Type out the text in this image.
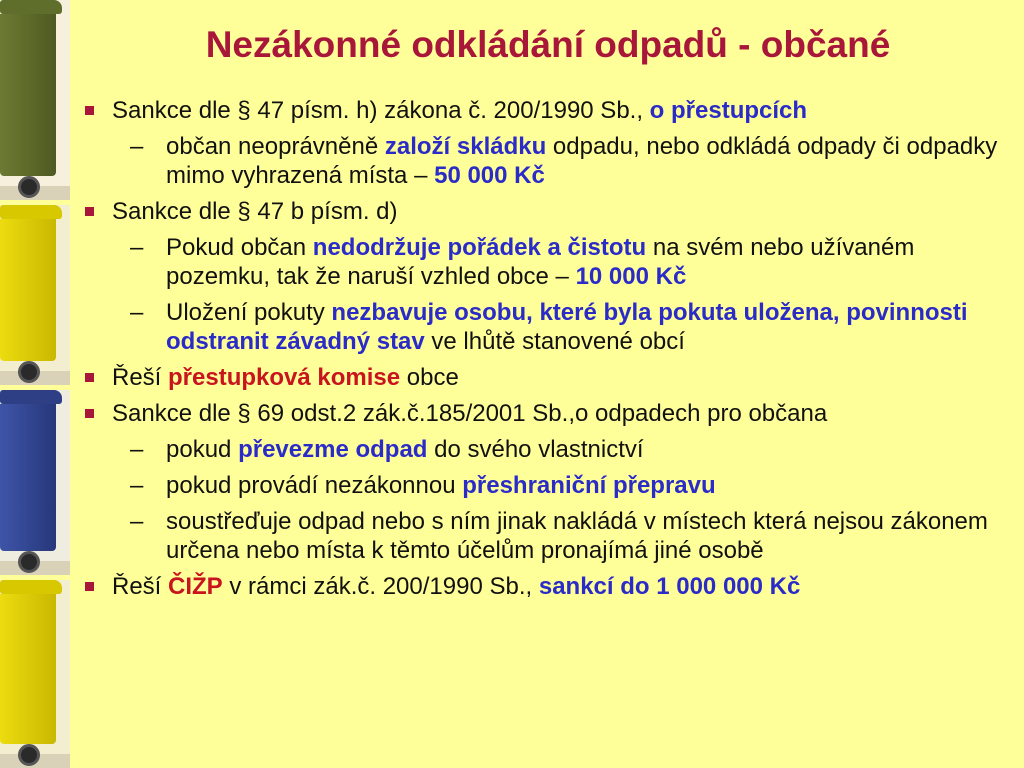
Nezákonné odkládání odpadů - občané
Sankce dle § 47 písm. h) zákona č. 200/1990 Sb., o přestupcích
– občan neoprávněně založí skládku odpadu, nebo odkládá odpady či odpadky mimo vyhrazená místa – 50 000 Kč
Sankce dle § 47 b písm. d)
– Pokud občan nedodržuje pořádek a čistotu na svém nebo užívaném pozemku, tak že naruší vzhled obce – 10 000 Kč
– Uložení pokuty nezbavuje osobu, které byla pokuta uložena, povinnosti odstranit závadný stav ve lhůtě stanovené obcí
Řeší přestupková komise obce
Sankce dle § 69 odst.2 zák.č.185/2001 Sb.,o odpadech pro občana
– pokud převezme odpad do svého vlastnictví
– pokud provádí nezákonnou přeshraniční přepravu
– soustřeďuje odpad nebo s ním jinak nakládá v místech která nejsou zákonem určena nebo místa k těmto účelům pronajímá jiné osobě
Řeší ČIŽP v rámci zák.č. 200/1990 Sb., sankcí do 1 000 000 Kč
